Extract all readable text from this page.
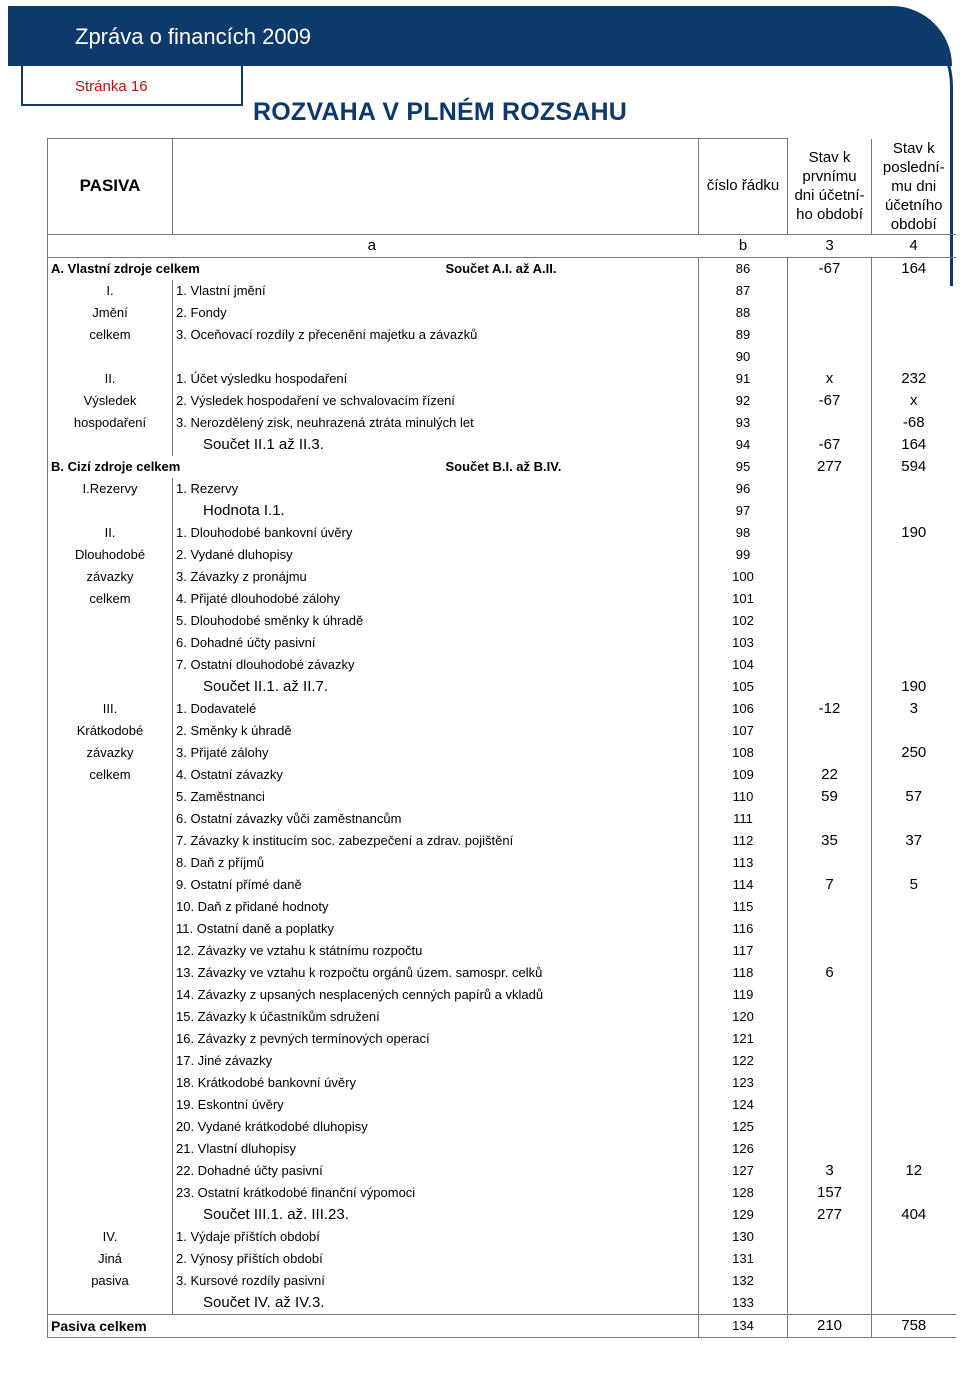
Zpráva o financích 2009
Stránka 16
ROZVAHA V PLNÉM ROZSAHU
PASIVA			číslo řádku	Stav k prvnímu dni účetní-ho období	Stav k poslední-mu dni účetního období
a			b	3	4
A. Vlastní zdroje celkem		Součet A.I. až A.II.	86	-67	164
I.	1. Vlastní jmění		87		
Jmění	2. Fondy		88		
celkem	3. Oceňovací rozdíly z přecenění majetku a závazků		89		
			90		
II.	1. Účet výsledku hospodaření		91	x	232
Výsledek	2. Výsledek hospodaření ve schvalovacím řízení		92	-67	x
hospodaření	3. Nerozdělený zisk, neuhrazená ztráta minulých let		93		-68
	Součet II.1 až II.3.		94	-67	164
B. Cizí zdroje celkem		Součet B.I. až B.IV.	95	277	594
I.Rezervy	1. Rezervy		96		
	Hodnota I.1.		97		
II.	1. Dlouhodobé bankovní úvěry		98		190
Dlouhodobé	2. Vydané dluhopisy		99		
závazky	3. Závazky z pronájmu		100		
celkem	4. Přijaté dlouhodobé zálohy		101		
	5. Dlouhodobé směnky k úhradě		102		
	6. Dohadné účty pasivní		103		
	7. Ostatní dlouhodobé závazky		104		
	Součet II.1. až II.7.		105		190
III.	1. Dodavatelé		106	-12	3
Krátkodobé	2. Směnky k úhradě		107		
závazky	3. Přijaté zálohy		108		250
celkem	4. Ostatní závazky		109	22	
	5. Zaměstnanci		110	59	57
	6. Ostatní závazky vůči zaměstnancům		111		
	7. Závazky k institucím soc. zabezpečení a zdrav. pojištění		112	35	37
	8. Daň z příjmů		113		
	9. Ostatní přímé daně		114	7	5
	10. Daň z přidané hodnoty		115		
	11. Ostatní daně a poplatky		116		
	12. Závazky ve vztahu k státnímu rozpočtu		117		
	13. Závazky ve vztahu k rozpočtu orgánů územ. samospr. celků		118	6	
	14. Závazky z upsaných nesplacených cenných papírů a vkladů		119		
	15. Závazky k účastníkům sdružení		120		
	16. Závazky z pevných termínových operací		121		
	17. Jiné závazky		122		
	18. Krátkodobé bankovní úvěry		123		
	19. Eskontní úvěry		124		
	20. Vydané krátkodobé dluhopisy		125		
	21. Vlastní dluhopisy		126		
	22. Dohadné účty pasivní		127	3	12
	23. Ostatní krátkodobé finanční výpomoci		128	157	
	Součet III.1. až. III.23.		129	277	404
IV.	1. Výdaje příštích období		130		
Jiná	2. Výnosy příštích období		131		
pasiva	3. Kursové rozdíly pasivní		132		
	Součet IV. až IV.3.		133		
Pasiva celkem			134	210	758
